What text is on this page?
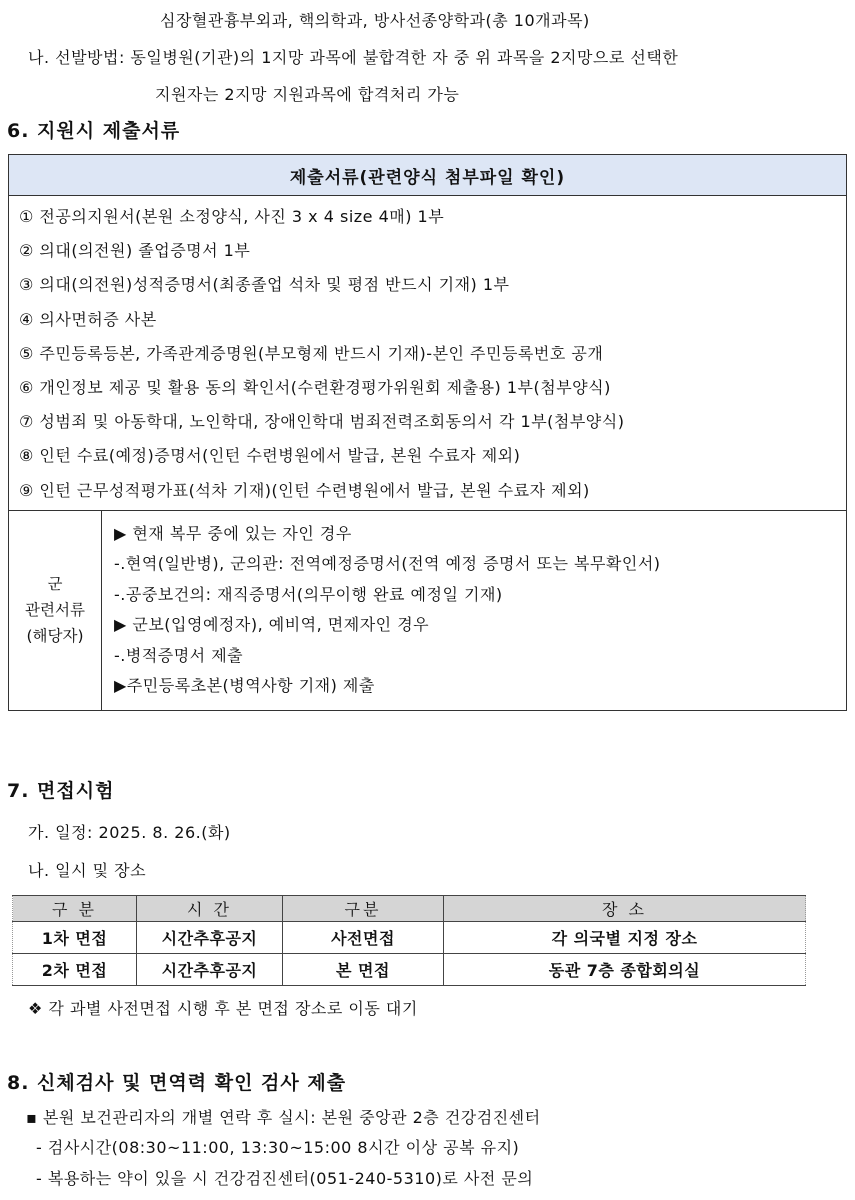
심장혈관흉부외과, 핵의학과, 방사선종양학과(총 10개과목)
나. 선발방법: 동일병원(기관)의 1지망 과목에 불합격한 자 중 위 과목을 2지망으로 선택한
지원자는 2지망 지원과목에 합격처리 가능
6. 지원시 제출서류
제출서류(관련양식 첨부파일 확인)

① 전공의지원서(본원 소정양식, 사진 3 x 4 size 4매) 1부
② 의대(의전원) 졸업증명서 1부
③ 의대(의전원)성적증명서(최종졸업 석차 및 평점 반드시 기재) 1부
④ 의사면허증 사본
⑤ 주민등록등본, 가족관계증명원(부모형제 반드시 기재)-본인 주민등록번호 공개
⑥ 개인정보 제공 및 활용 동의 확인서(수련환경평가위원회 제출용) 1부(첨부양식)
⑦ 성범죄 및 아동학대, 노인학대, 장애인학대 범죄전력조회동의서 각 1부(첨부양식)
⑧ 인턴 수료(예정)증명서(인턴 수련병원에서 발급, 본원 수료자 제외)
⑨ 인턴 근무성적평가표(석차 기재)(인턴 수련병원에서 발급, 본원 수료자 제외)

군
관련서류
(해당자)

▶ 현재 복무 중에 있는 자인 경우
-.현역(일반병), 군의관: 전역예정증명서(전역 예정 증명서 또는 복무확인서)
-.공중보건의: 재직증명서(의무이행 완료 예정일 기재)
▶ 군보(입영예정자), 예비역, 면제자인 경우
-.병적증명서 제출
▶주민등록초본(병역사항 기재) 제출
7. 면접시험
가. 일정: 2025. 8. 26.(화)
나. 일시 및 장소
구 분	시 간	구분	장 소
1차 면접	시간추후공지	사전면접	각 의국별 지정 장소
2차 면접	시간추후공지	본 면접	동관 7층 종합회의실
❖ 각 과별 사전면접 시행 후 본 면접 장소로 이동 대기
8. 신체검사 및 면역력 확인 검사 제출
▪ 본원 보건관리자의 개별 연락 후 실시: 본원 중앙관 2층 건강검진센터
- 검사시간(08:30~11:00, 13:30~15:00 8시간 이상 공복 유지)
- 복용하는 약이 있을 시 건강검진센터(051-240-5310)로 사전 문의
